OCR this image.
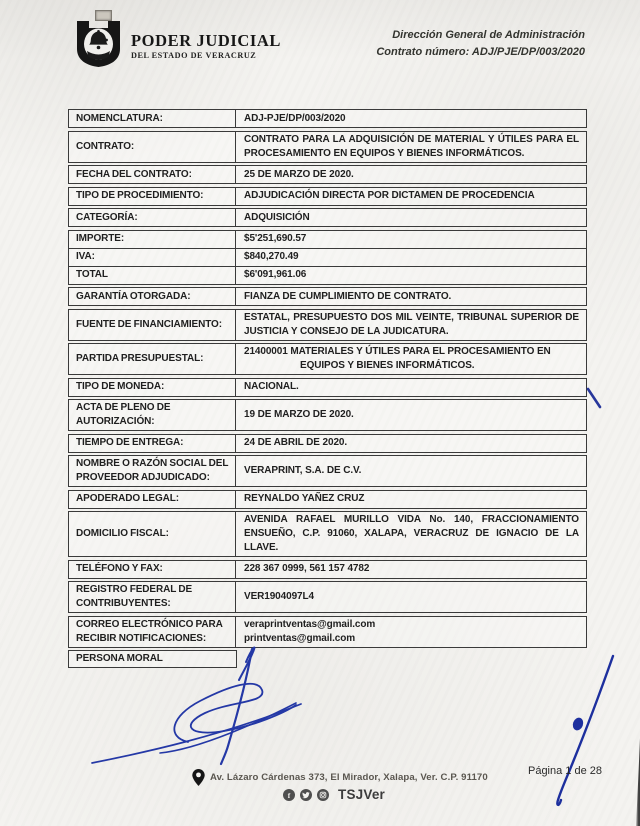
PODER JUDICIAL
DEL ESTADO DE VERACRUZ
Dirección General de Administración
Contrato número: ADJ/PJE/DP/003/2020
NOMENCLATURA:	ADJ-PJE/DP/003/2020
CONTRATO:
CONTRATO PARA LA ADQUISICIÓN DE MATERIAL Y ÚTILES PARA EL PROCESAMIENTO EN EQUIPOS Y BIENES INFORMÁTICOS.
FECHA DEL CONTRATO:	25 DE MARZO DE 2020.
TIPO DE PROCEDIMIENTO:	ADJUDICACIÓN DIRECTA POR DICTAMEN DE PROCEDENCIA
CATEGORÍA:	ADQUISICIÓN
IMPORTE:	$5'251,690.57
IVA:	$840,270.49
TOTAL	$6'091,961.06
GARANTÍA OTORGADA:	FIANZA DE CUMPLIMIENTO DE CONTRATO.
FUENTE DE FINANCIAMIENTO:
ESTATAL, PRESUPUESTO DOS MIL VEINTE, TRIBUNAL SUPERIOR DE JUSTICIA Y CONSEJO DE LA JUDICATURA.
PARTIDA PRESUPUESTAL:
21400001 MATERIALES Y ÚTILES PARA EL PROCESAMIENTO EN
EQUIPOS Y BIENES INFORMÁTICOS.
TIPO DE MONEDA:	NACIONAL.
ACTA DE PLENO DE AUTORIZACIÓN:
19 DE MARZO DE 2020.
TIEMPO DE ENTREGA:	24 DE ABRIL DE 2020.
NOMBRE O RAZÓN SOCIAL DEL PROVEEDOR ADJUDICADO:
VERAPRINT, S.A. DE C.V.
APODERADO LEGAL:	REYNALDO YAÑEZ CRUZ
DOMICILIO FISCAL:
AVENIDA RAFAEL MURILLO VIDA No. 140, FRACCIONAMIENTO ENSUEÑO, C.P. 91060, XALAPA, VERACRUZ DE IGNACIO DE LA LLAVE.
TELÉFONO Y FAX:	228 367 0999, 561 157 4782
REGISTRO FEDERAL DE CONTRIBUYENTES:
VER1904097L4
CORREO ELECTRÓNICO PARA RECIBIR NOTIFICACIONES:
veraprintventas@gmail.com
printventas@gmail.com
PERSONA MORAL
Av. Lázaro Cárdenas 373, El Mirador, Xalapa, Ver. C.P. 91170
f	TSJVer
Página 1 de 28
